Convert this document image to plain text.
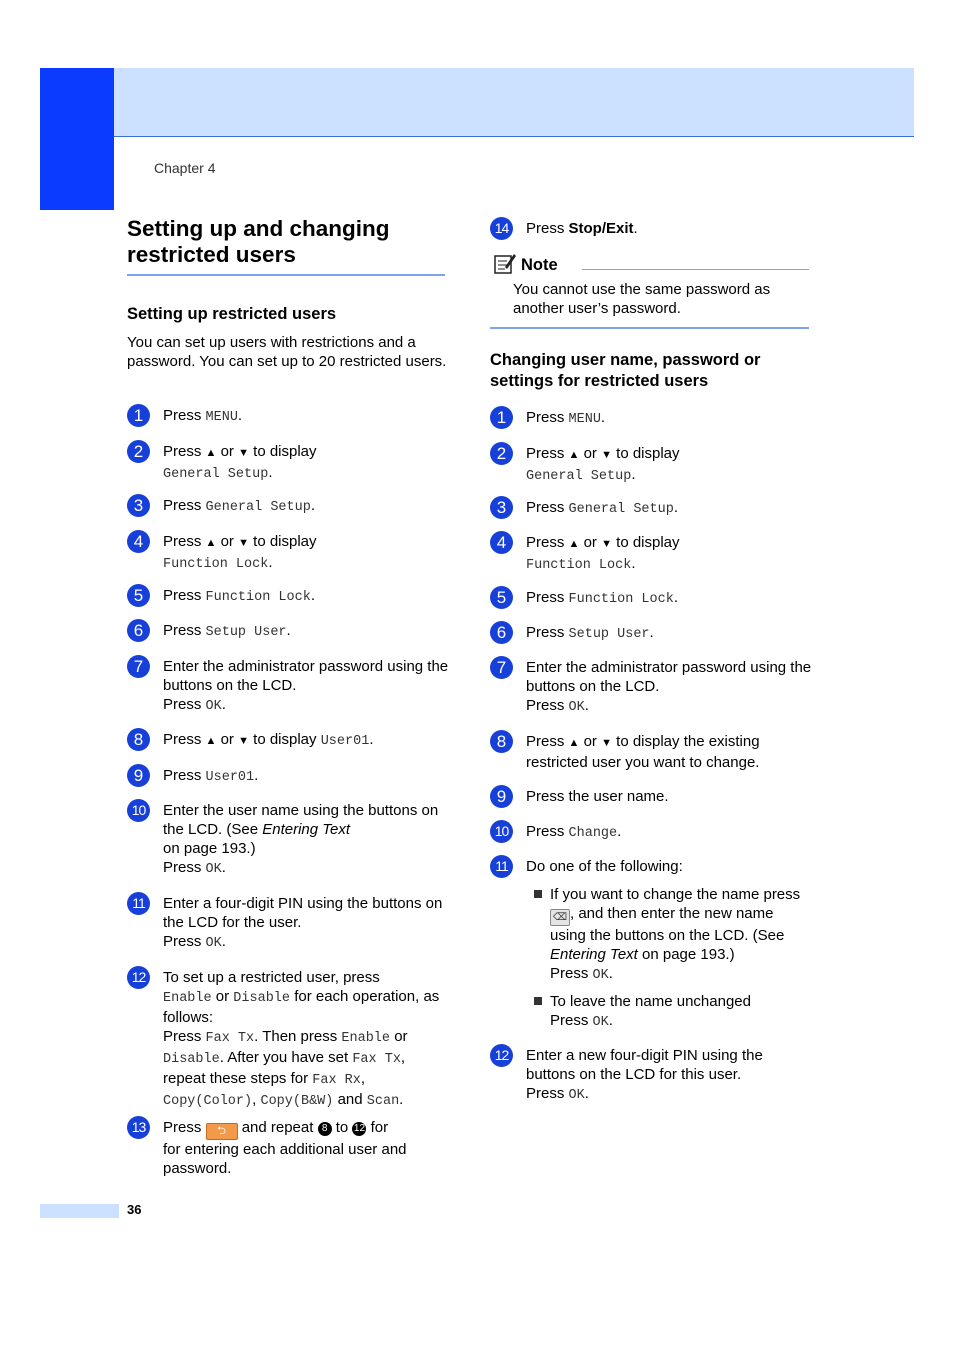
Chapter 4
Setting up and changing restricted users
Setting up restricted users
You can set up users with restrictions and a password. You can set up to 20 restricted users.
1	Press MENU.
2	Press ▲ or ▼ to display
General Setup.
3	Press General Setup.
4	Press ▲ or ▼ to display
Function Lock.
5	Press Function Lock.
6	Press Setup User.
7	Enter the administrator password using the buttons on the LCD.
Press OK.
8	Press ▲ or ▼ to display User01.
9	Press User01.
10	Enter the user name using the buttons on the LCD. (See Entering Text
on page 193.)
Press OK.
11	Enter a four-digit PIN using the buttons on the LCD for the user.
Press OK.
12	To set up a restricted user, press
Enable or Disable for each operation, as follows:
Press Fax Tx. Then press Enable or
Disable. After you have set Fax Tx,
repeat these steps for Fax Rx,
Copy(Color), Copy(B&W) and Scan.
13	Press ⮌ and repeat 8 to 12 for
for entering each additional user and password.
14	Press Stop/Exit.
Note
You cannot use the same password as another user’s password.
Changing user name, password or settings for restricted users
1	Press MENU.
2	Press ▲ or ▼ to display
General Setup.
3	Press General Setup.
4	Press ▲ or ▼ to display
Function Lock.
5	Press Function Lock.
6	Press Setup User.
7	Enter the administrator password using the buttons on the LCD.
Press OK.
8	Press ▲ or ▼ to display the existing restricted user you want to change.
9	Press the user name.
10	Press Change.
11	Do one of the following:
If you want to change the name press ⌫ , and then enter the new name using the buttons on the LCD. (See Entering Text on page 193.)
Press OK.
To leave the name unchanged
Press OK.
12	Enter a new four-digit PIN using the buttons on the LCD for this user.
Press OK.
36
